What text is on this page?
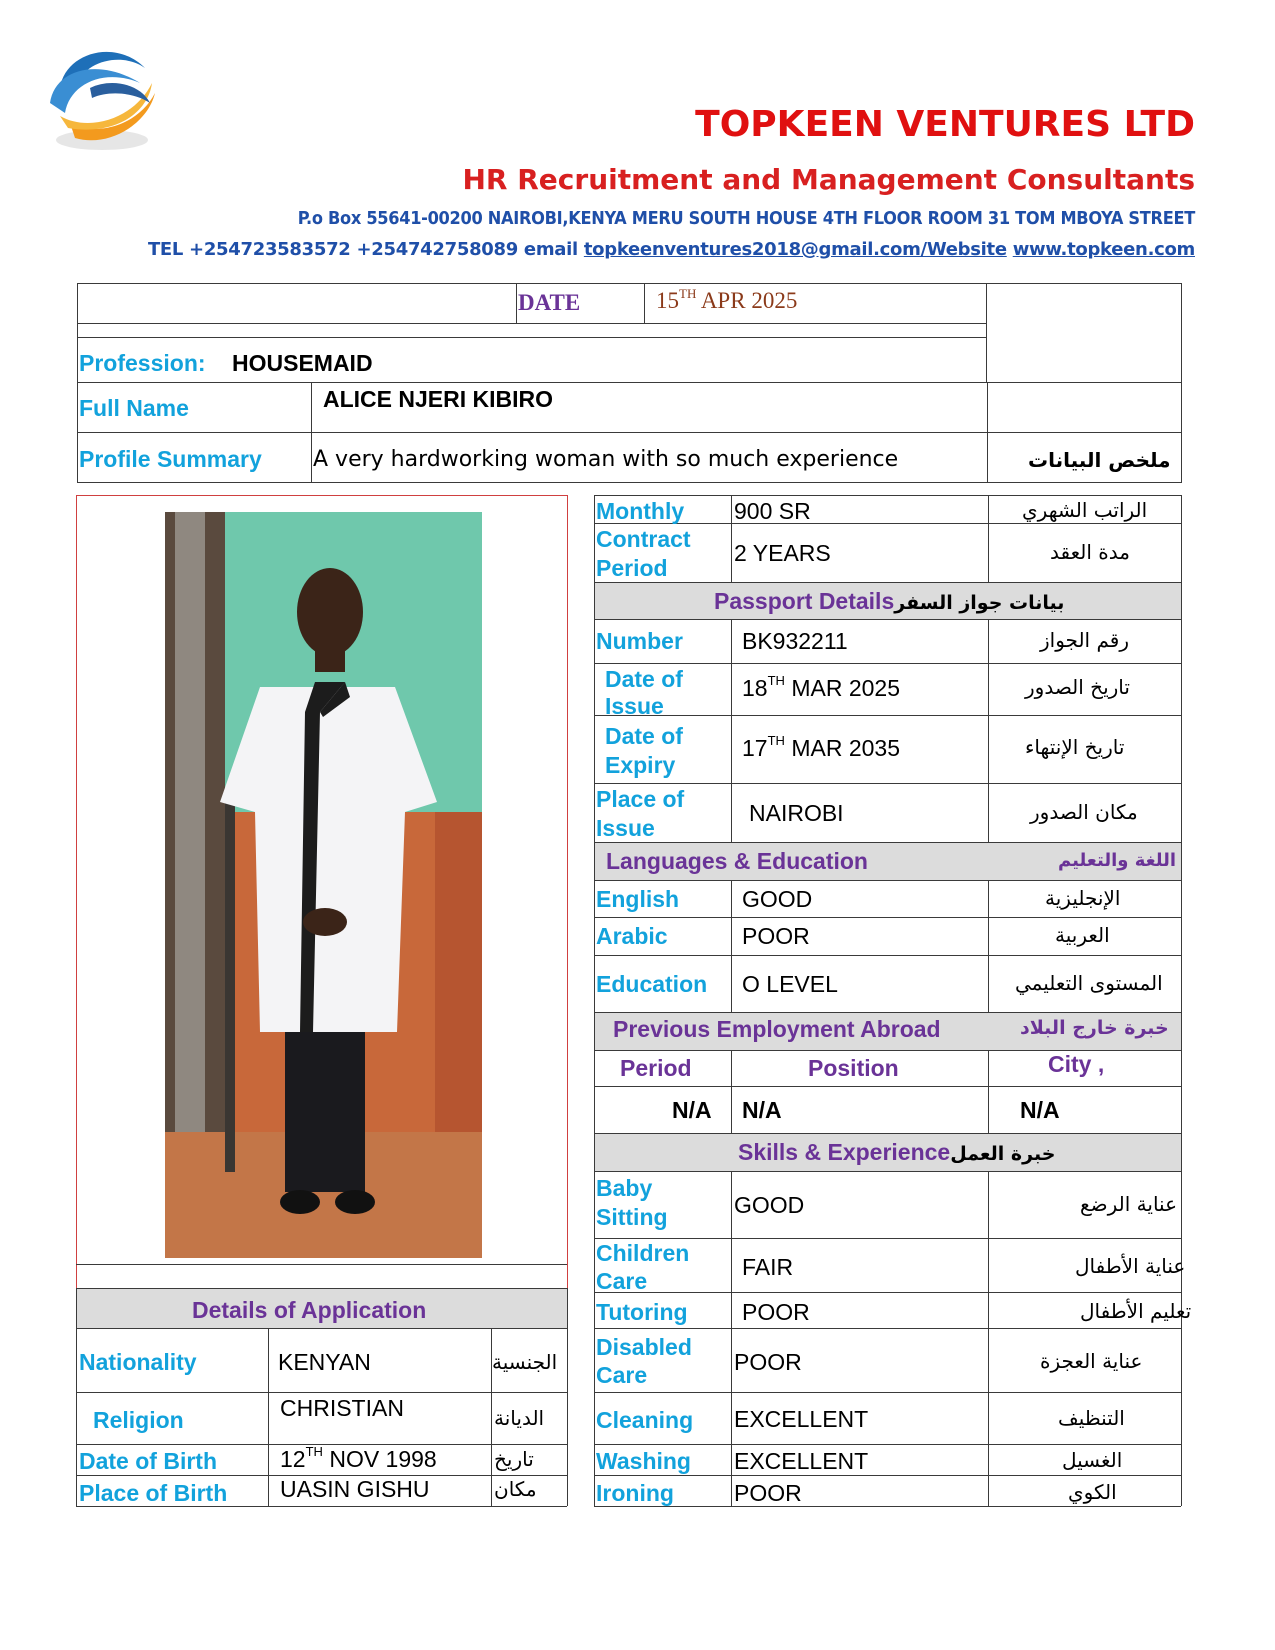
TOPKEEN VENTURES LTD
HR Recruitment and Management Consultants
P.o Box 55641-00200 NAIROBI,KENYA MERU SOUTH HOUSE 4TH FLOOR ROOM 31 TOM MBOYA STREET
TEL +254723583572 +254742758089 email topkeenventures2018@gmail.com/Website www.topkeen.com
DATE	15TH APR 2025
Profession: HOUSEMAID
Full Name	ALICE NJERI KIBIRO
Profile Summary A very hardworking woman with so much experience	ملخص البيانات
Details of Application
Nationality	KENYAN	الجنسية
Religion	CHRISTIAN	الديانة
Date of Birth	12TH NOV 1998	تاريخ
Place of Birth UASIN GISHU	مكان
Monthly 900 SR	الراتب الشهري
Contract
Period
2 YEARS	مدة العقد
Passport Detailsبيانات جواز السفر
Number	BK932211	رقم الجواز
Date of
Issue
18TH MAR 2025	تاريخ الصدور
Date of
Expiry
17TH MAR 2035	تاريخ الإنتهاء
Place of
Issue
NAIROBI	مكان الصدور
Languages & Education	اللغة والتعليم
English	GOOD	الإنجليزية
Arabic	POOR	العربية
Education O LEVEL	المستوى التعليمي
Previous Employment Abroad	خبرة خارج البلاد
Period	Position	City ,
N/A N/A	N/A
Skills & Experienceخبرة العمل
Baby
Sitting	GOOD	عناية الرضع
Children
Care
FAIR	عناية الأطفال
Tutoring POOR	تعليم الأطفال
Disabled
Care	POOR	عناية العجزة
Cleaning EXCELLENT	التنظيف
Washing EXCELLENT	الغسيل
Ironing	POOR	الكوي
